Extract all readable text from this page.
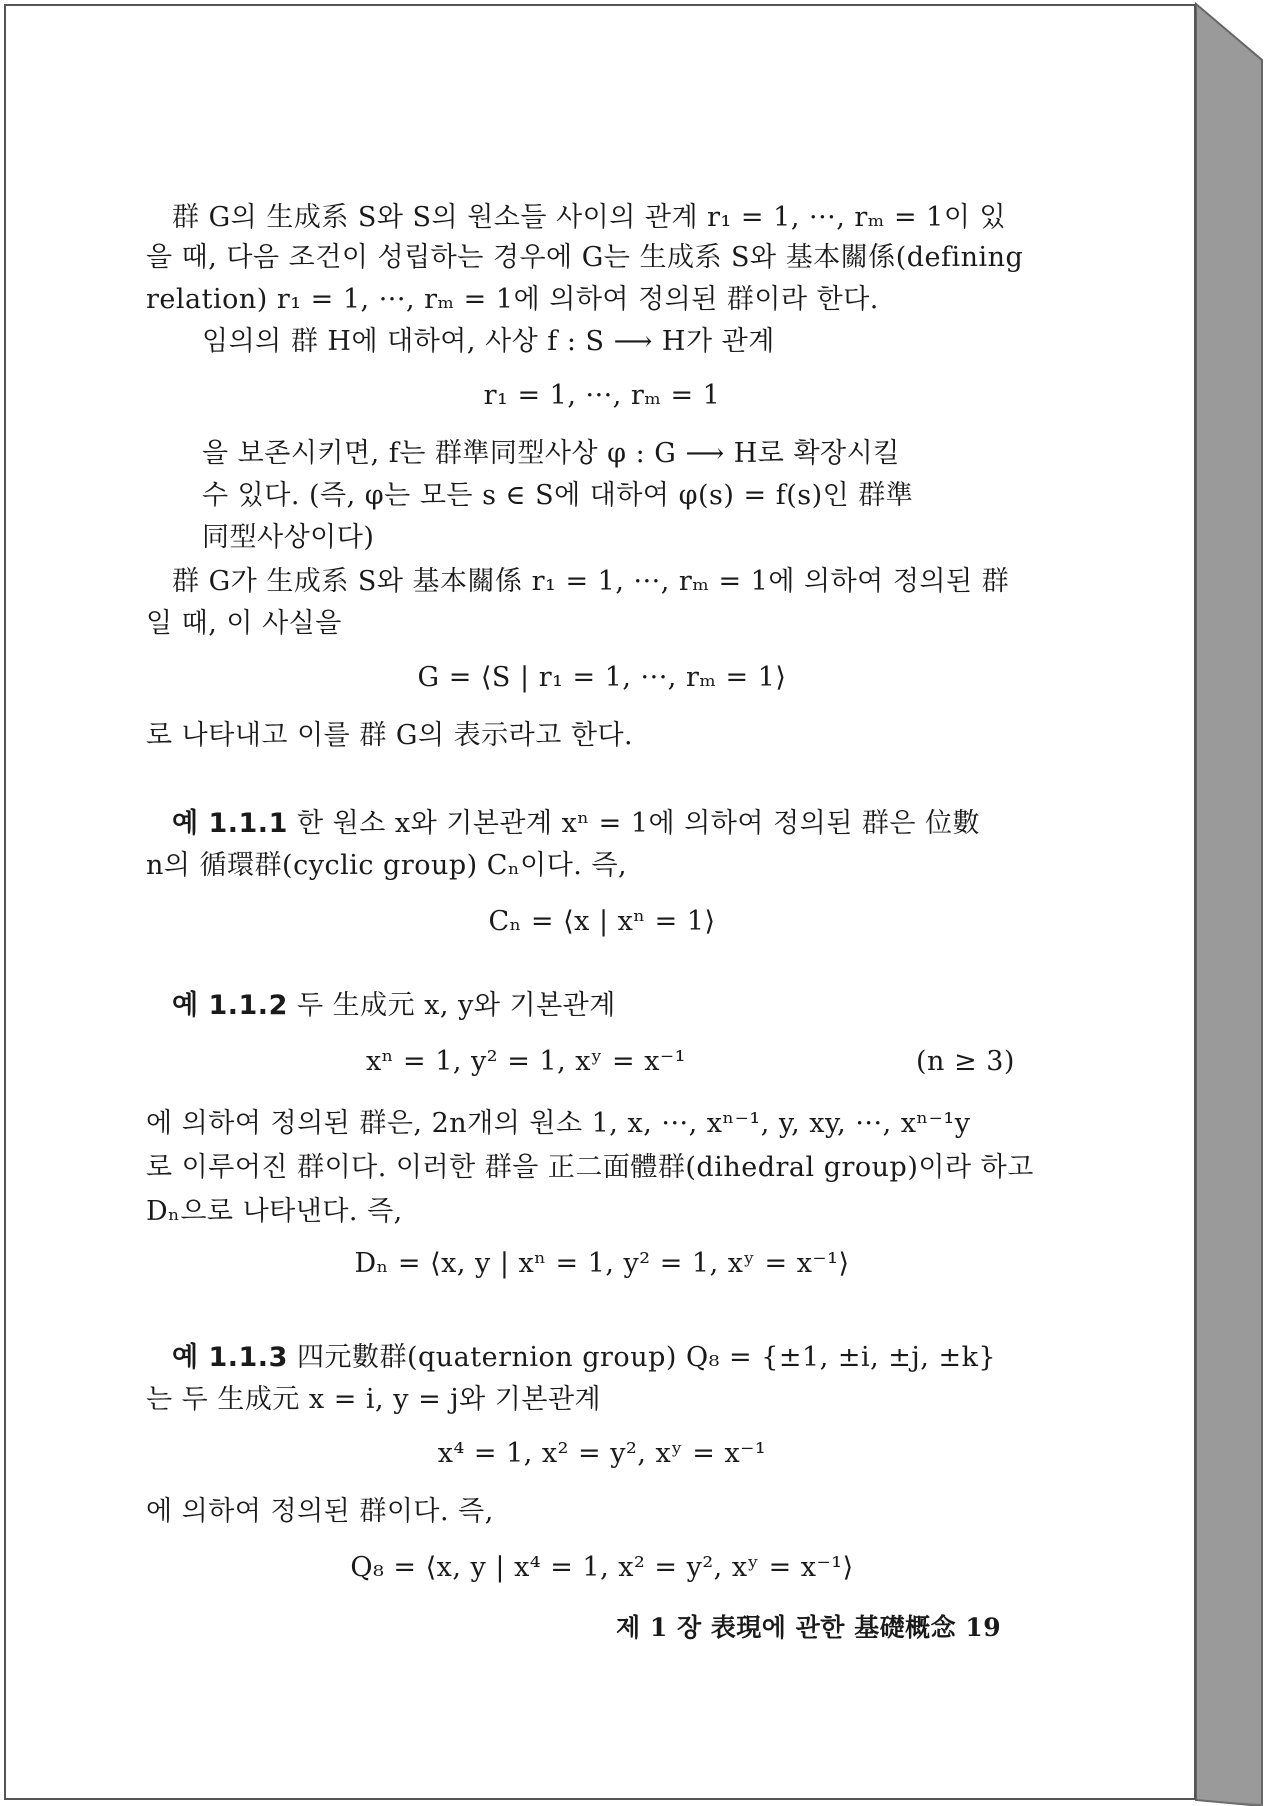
群 G의 生成系 S와 S의 원소들 사이의 관계 r₁ = 1, ···, rₘ = 1이 있
을 때, 다음 조건이 성립하는 경우에 G는 生成系 S와 基本關係(defining
relation) r₁ = 1, ···, rₘ = 1에 의하여 정의된 群이라 한다.
임의의 群 H에 대하여, 사상 f : S ⟶ H가 관계
r₁ = 1, ···, rₘ = 1
을 보존시키면, f는 群準同型사상 φ : G ⟶ H로 확장시킬
수 있다. (즉, φ는 모든 s ∈ S에 대하여 φ(s) = f(s)인 群準
同型사상이다)
群 G가 生成系 S와 基本關係 r₁ = 1, ···, rₘ = 1에 의하여 정의된 群
일 때, 이 사실을
G = ⟨S | r₁ = 1, ···, rₘ = 1⟩
로 나타내고 이를 群 G의 表示라고 한다.
예 1.1.1 한 원소 x와 기본관계 xⁿ = 1에 의하여 정의된 群은 位數
n의 循環群(cyclic group) Cₙ이다. 즉,
Cₙ = ⟨x | xⁿ = 1⟩
예 1.1.2 두 生成元 x, y와 기본관계
xⁿ = 1, y² = 1, xʸ = x⁻¹	(n ≥ 3)
에 의하여 정의된 群은, 2n개의 원소 1, x, ···, xⁿ⁻¹, y, xy, ···, xⁿ⁻¹y
로 이루어진 群이다. 이러한 群을 正二面體群(dihedral group)이라 하고
Dₙ으로 나타낸다. 즉,
Dₙ = ⟨x, y | xⁿ = 1, y² = 1, xʸ = x⁻¹⟩
예 1.1.3 四元數群(quaternion group) Q₈ = {±1, ±i, ±j, ±k}
는 두 生成元 x = i, y = j와 기본관계
x⁴ = 1, x² = y², xʸ = x⁻¹
에 의하여 정의된 群이다. 즉,
Q₈ = ⟨x, y | x⁴ = 1, x² = y², xʸ = x⁻¹⟩
제 1 장 表現에 관한 基礎概念 19
